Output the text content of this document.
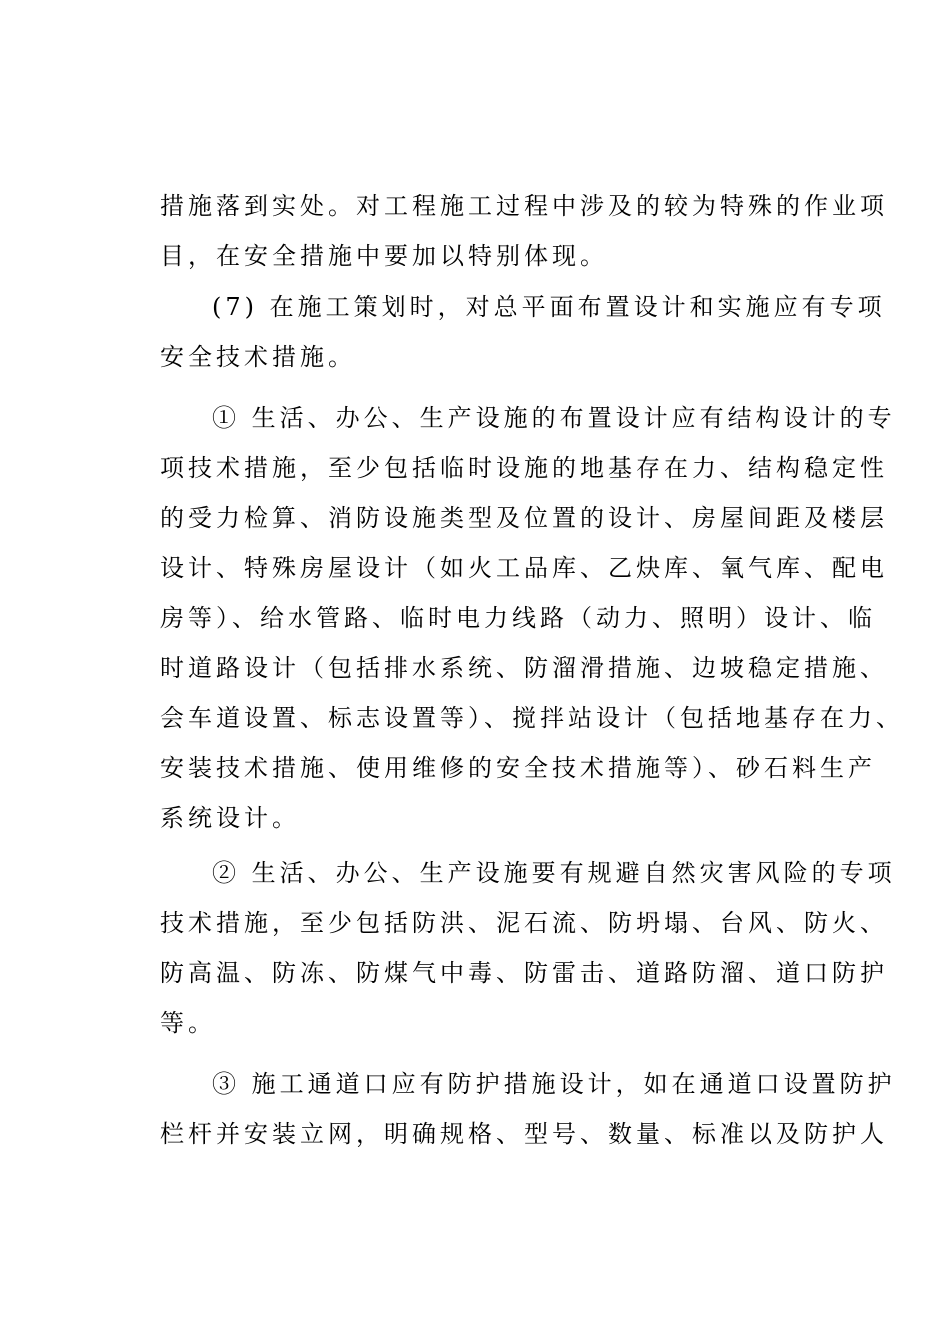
措施落到实处。对工程施工过程中涉及的较为特殊的作业项
目，在安全措施中要加以特别体现。
(7) 在施工策划时，对总平面布置设计和实施应有专项
安全技术措施。
① 生活、办公、生产设施的布置设计应有结构设计的专
项技术措施，至少包括临时设施的地基存在力、结构稳定性
的受力检算、消防设施类型及位置的设计、房屋间距及楼层
设计、特殊房屋设计（如火工品库、乙炔库、氧气库、配电
房等）、给水管路、临时电力线路（动力、照明）设计、临
时道路设计（包括排水系统、防溜滑措施、边坡稳定措施、
会车道设置、标志设置等）、搅拌站设计（包括地基存在力、
安装技术措施、使用维修的安全技术措施等）、砂石料生产
系统设计。
② 生活、办公、生产设施要有规避自然灾害风险的专项
技术措施，至少包括防洪、泥石流、防坍塌、台风、防火、
防高温、防冻、防煤气中毒、防雷击、道路防溜、道口防护
等。
③ 施工通道口应有防护措施设计，如在通道口设置防护
栏杆并安装立网，明确规格、型号、数量、标准以及防护人
